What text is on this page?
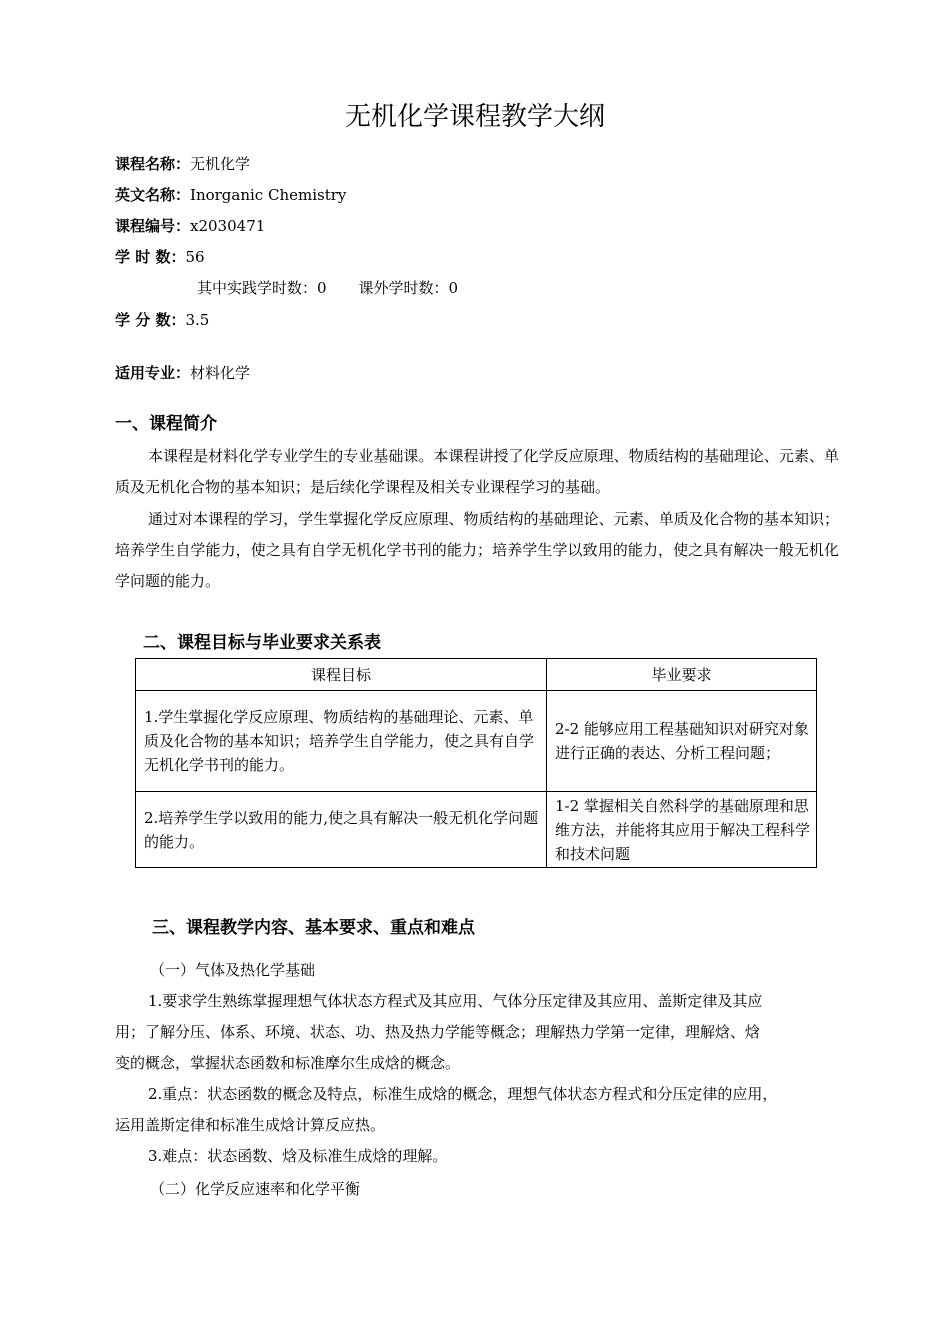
无机化学课程教学大纲
课程名称：无机化学
英文名称：Inorganic Chemistry
课程编号：x2030471
学 时 数：56
其中实践学时数：0 课外学时数：0
学 分 数：3.5
适用专业：材料化学
一、课程简介
本课程是材料化学专业学生的专业基础课。本课程讲授了化学反应原理、物质结构的基础理论、元素、单质及无机化合物的基本知识；是后续化学课程及相关专业课程学习的基础。
通过对本课程的学习，学生掌握化学反应原理、物质结构的基础理论、元素、单质及化合物的基本知识；培养学生自学能力，使之具有自学无机化学书刊的能力；培养学生学以致用的能力，使之具有解决一般无机化学问题的能力。
二、课程目标与毕业要求关系表
课程目标	毕业要求
1.学生掌握化学反应原理、物质结构的基础理论、元素、单质及化合物的基本知识；培养学生自学能力，使之具有自学无机化学书刊的能力。	2-2 能够应用工程基础知识对研究对象进行正确的表达、分析工程问题；
2.培养学生学以致用的能力,使之具有解决一般无机化学问题的能力。	1-2 掌握相关自然科学的基础原理和思维方法，并能将其应用于解决工程科学和技术问题
三、课程教学内容、基本要求、重点和难点
（一）气体及热化学基础
1.要求学生熟练掌握理想气体状态方程式及其应用、气体分压定律及其应用、盖斯定律及其应
用；了解分压、体系、环境、状态、功、热及热力学能等概念；理解热力学第一定律，理解焓、焓
变的概念，掌握状态函数和标准摩尔生成焓的概念。
2.重点：状态函数的概念及特点，标准生成焓的概念，理想气体状态方程式和分压定律的应用，
运用盖斯定律和标准生成焓计算反应热。
3.难点：状态函数、焓及标准生成焓的理解。
（二）化学反应速率和化学平衡
